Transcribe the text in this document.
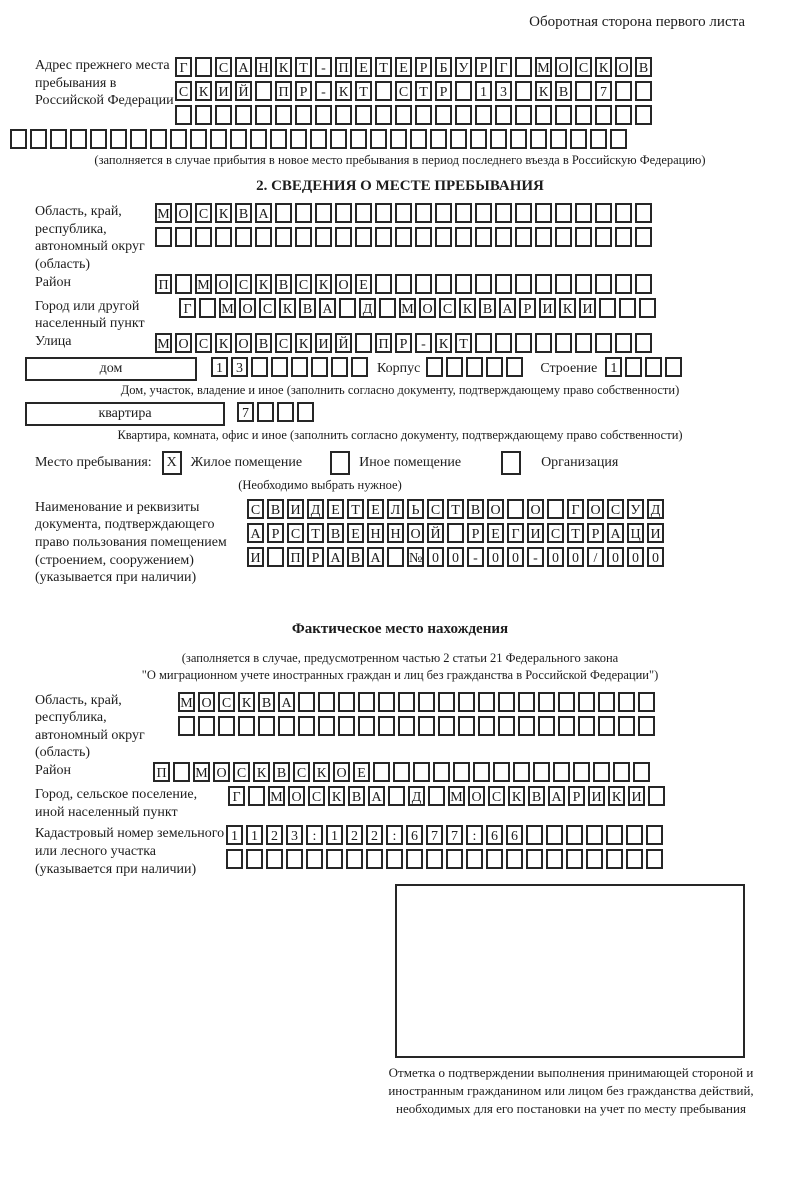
Оборотная сторона первого листа
Адрес прежнего места пребывания в Российской Федерации
Г	С А Н К Т - П Е Т Е Р Б У Р Г	М О С К О В
С К И Й П Р - К Т	С Т Р	1 3	К В	7
(заполняется в случае прибытия в новое место пребывания в период последнего въезда в Российскую Федерацию)
2. СВЕДЕНИЯ О МЕСТЕ ПРЕБЫВАНИЯ
Область, край, республика, автономный округ (область)
М О С К В А
Район	П М О С К В С К О Е
Город или другой населенный пункт
Г	М О С К В А Д М О С К В А Р И К И
Улица	М О С К О В С К И Й П Р - К Т
дом	1 3	Корпус	Строение 1
Дом, участок, владение и иное (заполнить согласно документу, подтверждающему право собственности)
квартира	7
Квартира, комната, офис и иное (заполнить согласно документу, подтверждающему право собственности)
Место пребывания:	X Жилое помещение	Иное помещение	Организация
(Необходимо выбрать нужное)
Наименование и реквизиты документа, подтверждающего право пользования помещением (строением, сооружением) (указывается при наличии)
С В И Д Е Т Е Л Ь С Т В О О	Г О С У Д
А Р С Т В Е Н Н О Й	Р Е Г И С Т Р А Ц И
И П Р А В А № 0 0	-	0 0	-	0 0	/	0 0 0
Фактическое место нахождения
(заполняется в случае, предусмотренном частью 2 статьи 21 Федерального закона
"О миграционном учете иностранных граждан и лиц без гражданства в Российской Федерации")
Область, край, республика, автономный округ (область)
М О С К В А
Район	П М О С К В С К О Е
Город, сельское поселение, иной населенный пункт
Г	М О С К В А Д М О С К В А Р И К И
Кадастровый номер земельного или лесного участка (указывается при наличии)
1 1 2 3	:	1 2 2	:	6 7 7	:	6 6
Отметка о подтверждении выполнения принимающей стороной и иностранным гражданином или лицом без гражданства действий, необходимых для его постановки на учет по месту пребывания
